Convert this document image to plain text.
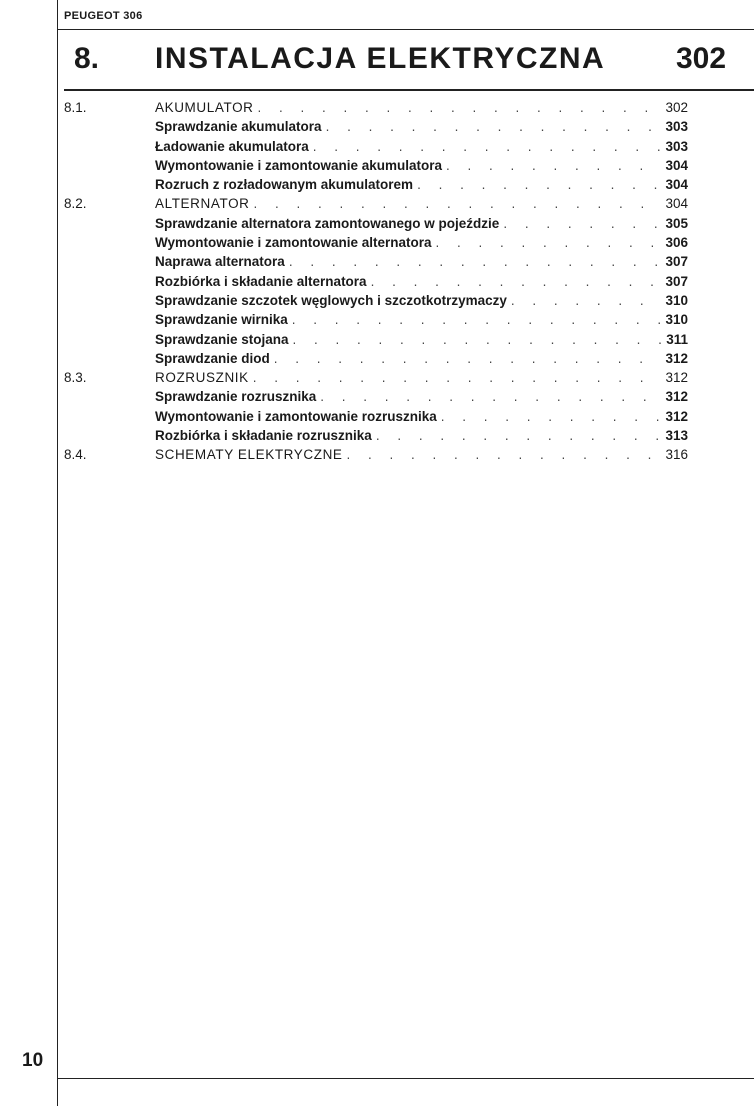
PEUGEOT 306
8. INSTALACJA ELEKTRYCZNA 302
8.1.	AKUMULATOR . . .	302
Sprawdzanie akumulatora . . .	303
Ładowanie akumulatora . . .	303
Wymontowanie i zamontowanie akumulatora . . .	304
Rozruch z rozładowanym akumulatorem . . .	304
8.2.	ALTERNATOR . . .	304
Sprawdzanie alternatora zamontowanego w pojeździe . . .	305
Wymontowanie i zamontowanie alternatora . . .	306
Naprawa alternatora . . .	307
Rozbiórka i składanie alternatora . . .	307
Sprawdzanie szczotek węglowych i szczotkotrzymaczy . . .	310
Sprawdzanie wirnika . . .	310
Sprawdzanie stojana . . .	311
Sprawdzanie diod . . .	312
8.3.	ROZRUSZNIK . . .	312
Sprawdzanie rozrusznika . . .	312
Wymontowanie i zamontowanie rozrusznika . . .	312
Rozbiórka i składanie rozrusznika . . .	313
8.4.	SCHEMATY ELEKTRYCZNE . . .	316
10
